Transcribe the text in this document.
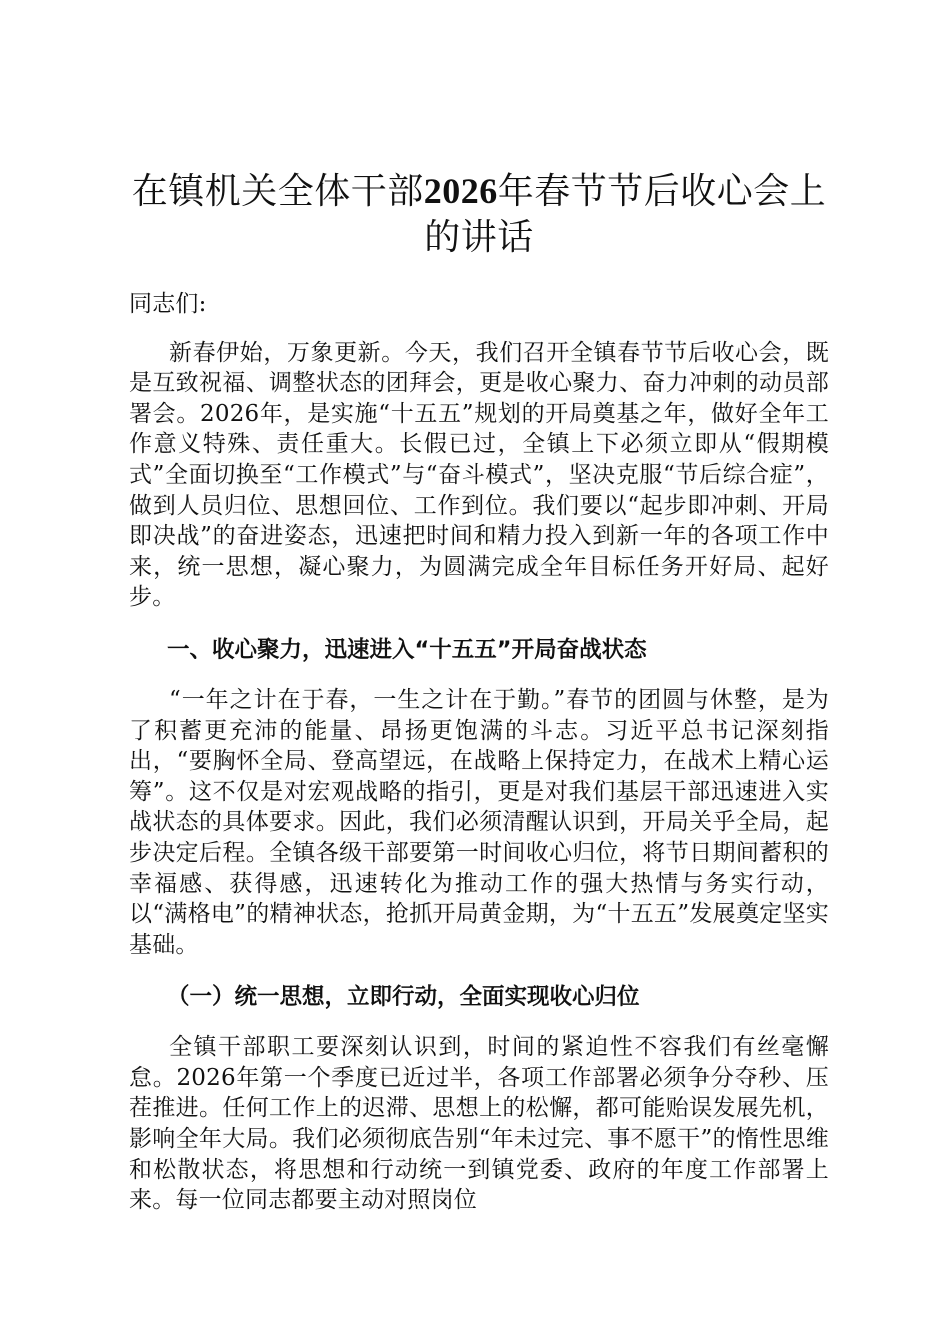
在镇机关全体干部2026年春节节后收心会上
的讲话

同志们:

新春伊始，万象更新。今天，我们召开全镇春节节后收心会，既是互致祝福、调整状态的团拜会，更是收心聚力、奋力冲刺的动员部署会。2026年，是实施“十五五”规划的开局奠基之年，做好全年工作意义特殊、责任重大。长假已过，全镇上下必须立即从“假期模式”全面切换至“工作模式”与“奋斗模式”，坚决克服“节后综合症”，做到人员归位、思想回位、工作到位。我们要以“起步即冲刺、开局即决战”的奋进姿态，迅速把时间和精力投入到新一年的各项工作中来，统一思想，凝心聚力，为圆满完成全年目标任务开好局、起好步。

一、收心聚力，迅速进入“十五五”开局奋战状态

“一年之计在于春，一生之计在于勤。”春节的团圆与休整，是为了积蓄更充沛的能量、昂扬更饱满的斗志。习近平总书记深刻指出，“要胸怀全局、登高望远，在战略上保持定力，在战术上精心运筹”。这不仅是对宏观战略的指引，更是对我们基层干部迅速进入实战状态的具体要求。因此，我们必须清醒认识到，开局关乎全局，起步决定后程。全镇各级干部要第一时间收心归位，将节日期间蓄积的幸福感、获得感，迅速转化为推动工作的强大热情与务实行动，以“满格电”的精神状态，抢抓开局黄金期，为“十五五”发展奠定坚实基础。

（一）统一思想，立即行动，全面实现收心归位

全镇干部职工要深刻认识到，时间的紧迫性不容我们有丝毫懈怠。2026年第一个季度已近过半，各项工作部署必须争分夺秒、压茬推进。任何工作上的迟滞、思想上的松懈，都可能贻误发展先机，影响全年大局。我们必须彻底告别“年未过完、事不愿干”的惰性思维和松散状态，将思想和行动统一到镇党委、政府的年度工作部署上来。每一位同志都要主动对照岗位
